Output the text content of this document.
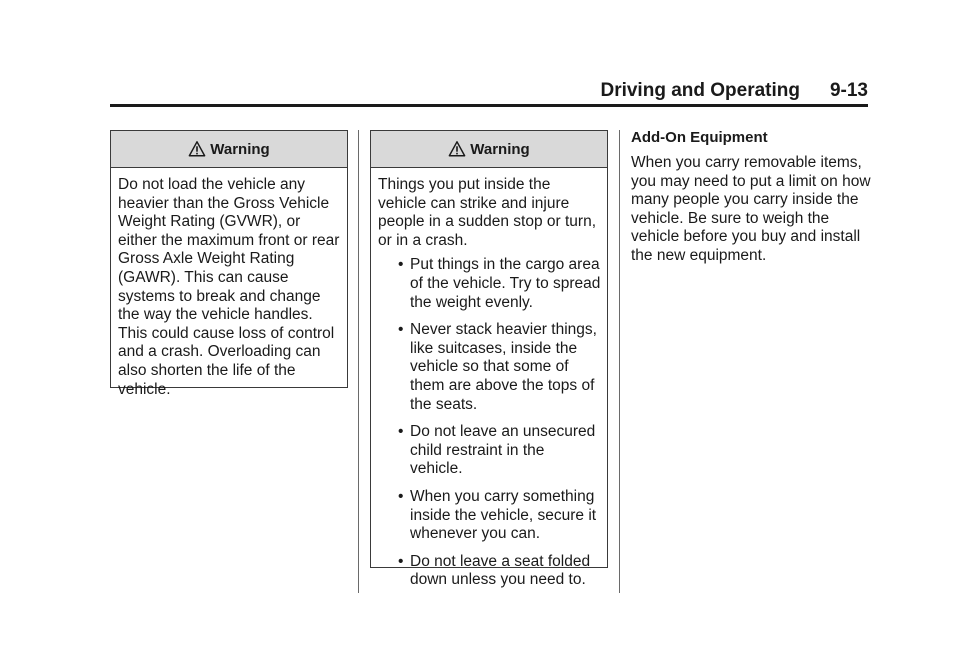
Driving and Operating 9-13
Warning
Do not load the vehicle any heavier than the Gross Vehicle Weight Rating (GVWR), or either the maximum front or rear Gross Axle Weight Rating (GAWR). This can cause systems to break and change the way the vehicle handles. This could cause loss of control and a crash. Overloading can also shorten the life of the vehicle.
Warning
Things you put inside the vehicle can strike and injure people in a sudden stop or turn, or in a crash.
• Put things in the cargo area of the vehicle. Try to spread the weight evenly.
• Never stack heavier things, like suitcases, inside the vehicle so that some of them are above the tops of the seats.
• Do not leave an unsecured child restraint in the vehicle.
• When you carry something inside the vehicle, secure it whenever you can.
• Do not leave a seat folded down unless you need to.
Add-On Equipment
When you carry removable items, you may need to put a limit on how many people you carry inside the vehicle. Be sure to weigh the vehicle before you buy and install the new equipment.
